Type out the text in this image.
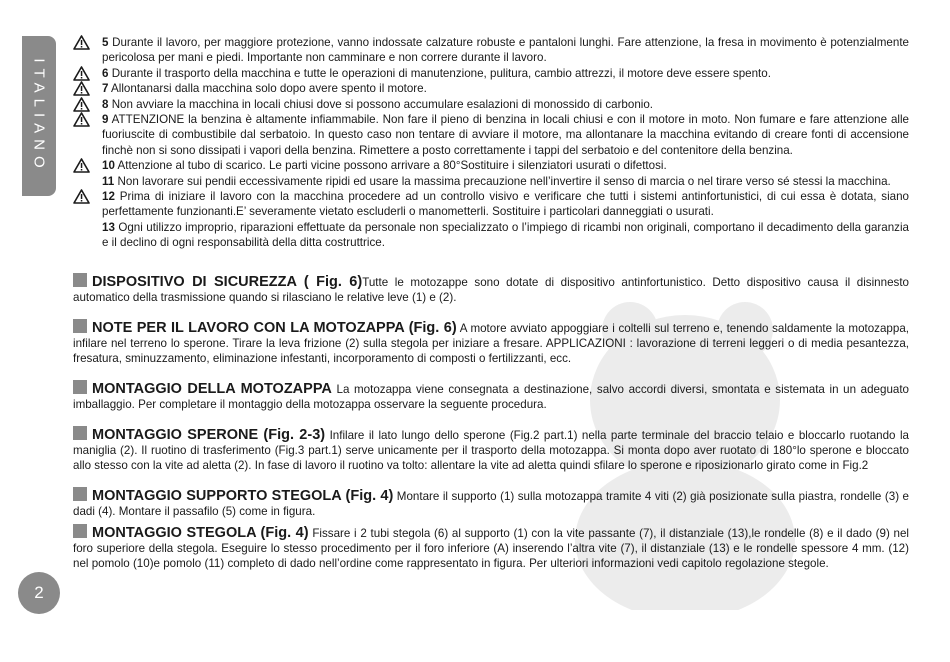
ITALIANO
5 Durante il lavoro, per maggiore protezione, vanno indossate calzature robuste e pantaloni lunghi. Fare attenzione, la fresa in movimento è potenzialmente pericolosa per mani e piedi. Importante non camminare e non correre durante il lavoro.
6 Durante il trasporto della macchina e tutte le operazioni di manutenzione, pulitura, cambio attrezzi, il motore deve essere spento.
7 Allontanarsi dalla macchina solo dopo avere spento il motore.
8 Non avviare la macchina in locali chiusi dove si possono accumulare esalazioni di monossido di carbonio.
9 ATTENZIONE la benzina è altamente infiammabile. Non fare il pieno di benzina in locali chiusi e con il motore in moto. Non fumare e fare attenzione alle fuoriuscite di combustibile dal serbatoio. In questo caso non tentare di avviare il motore, ma allontanare la macchina evitando di creare fonti di accensione finchè non si sono dissipati i vapori della benzina. Rimettere a posto correttamente i tappi del serbatoio e del contenitore della benzina.
10 Attenzione al tubo di scarico. Le parti vicine possono arrivare a 80°Sostituire i silenziatori usurati o difettosi.
11 Non lavorare sui pendii eccessivamente ripidi ed usare la massima precauzione nell’invertire il senso di marcia o nel tirare verso sé stessi la macchina.
12 Prima di iniziare il lavoro con la macchina procedere ad un controllo visivo e verificare che tutti i sistemi antinfortunistici, di cui essa è dotata, siano perfettamente funzionanti.E’ severamente vietato escluderli o manometterli. Sostituire i particolari danneggiati o usurati.
13 Ogni utilizzo improprio, riparazioni effettuate da personale non specializzato o l’impiego di ricambi non originali, comportano il decadimento della garanzia e il declino di ogni responsabilità della ditta costruttrice.
DISPOSITIVO DI SICUREZZA ( Fig. 6)Tutte le motozappe sono dotate di dispositivo antinfortunistico. Detto dispositivo causa il disinnesto automatico della trasmissione quando si rilasciano le relative leve (1) e (2).
NOTE PER IL LAVORO CON LA MOTOZAPPA (Fig. 6) A motore avviato appoggiare i coltelli sul terreno e, tenendo saldamente la motozappa, infilare nel terreno lo sperone. Tirare la leva frizione (2) sulla stegola per iniziare a fresare. APPLICAZIONI : lavorazione di terreni leggeri o di media pesantezza, fresatura, sminuzzamento, eliminazione infestanti, incorporamento di composti o fertilizzanti, ecc.
MONTAGGIO DELLA MOTOZAPPA La motozappa viene consegnata a destinazione, salvo accordi diversi, smontata e sistemata in un adeguato imballaggio. Per completare il montaggio della motozappa osservare la seguente procedura.
MONTAGGIO SPERONE (Fig. 2-3) Infilare il lato lungo dello sperone (Fig.2 part.1) nella parte terminale del braccio telaio e bloccarlo ruotando la maniglia (2). Il ruotino di trasferimento (Fig.3 part.1) serve unicamente per il trasporto della motozappa. Si monta dopo aver ruotato di 180°lo sperone e bloccato allo stesso con la vite ad aletta (2). In fase di lavoro il ruotino va tolto: allentare la vite ad aletta quindi sfilare lo sperone e riposizionarlo girato come in Fig.2
MONTAGGIO SUPPORTO STEGOLA (Fig. 4) Montare il supporto (1) sulla motozappa tramite 4 viti (2) già posizionate sulla piastra, rondelle (3) e dadi (4). Montare il passafilo (5) come in figura.
MONTAGGIO STEGOLA (Fig. 4) Fissare i 2 tubi stegola (6) al supporto (1) con la vite passante (7), il distanziale (13),le rondelle (8) e il dado (9) nel foro superiore della stegola. Eseguire lo stesso procedimento per il foro inferiore (A) inserendo l’altra vite (7), il distanziale (13) e le rondelle spessore 4 mm. (12) nel pomolo (10)e pomolo (11) completo di dado nell’ordine come rappresentato in figura. Per ulteriori informazioni vedi capitolo regolazione stegole.
2
